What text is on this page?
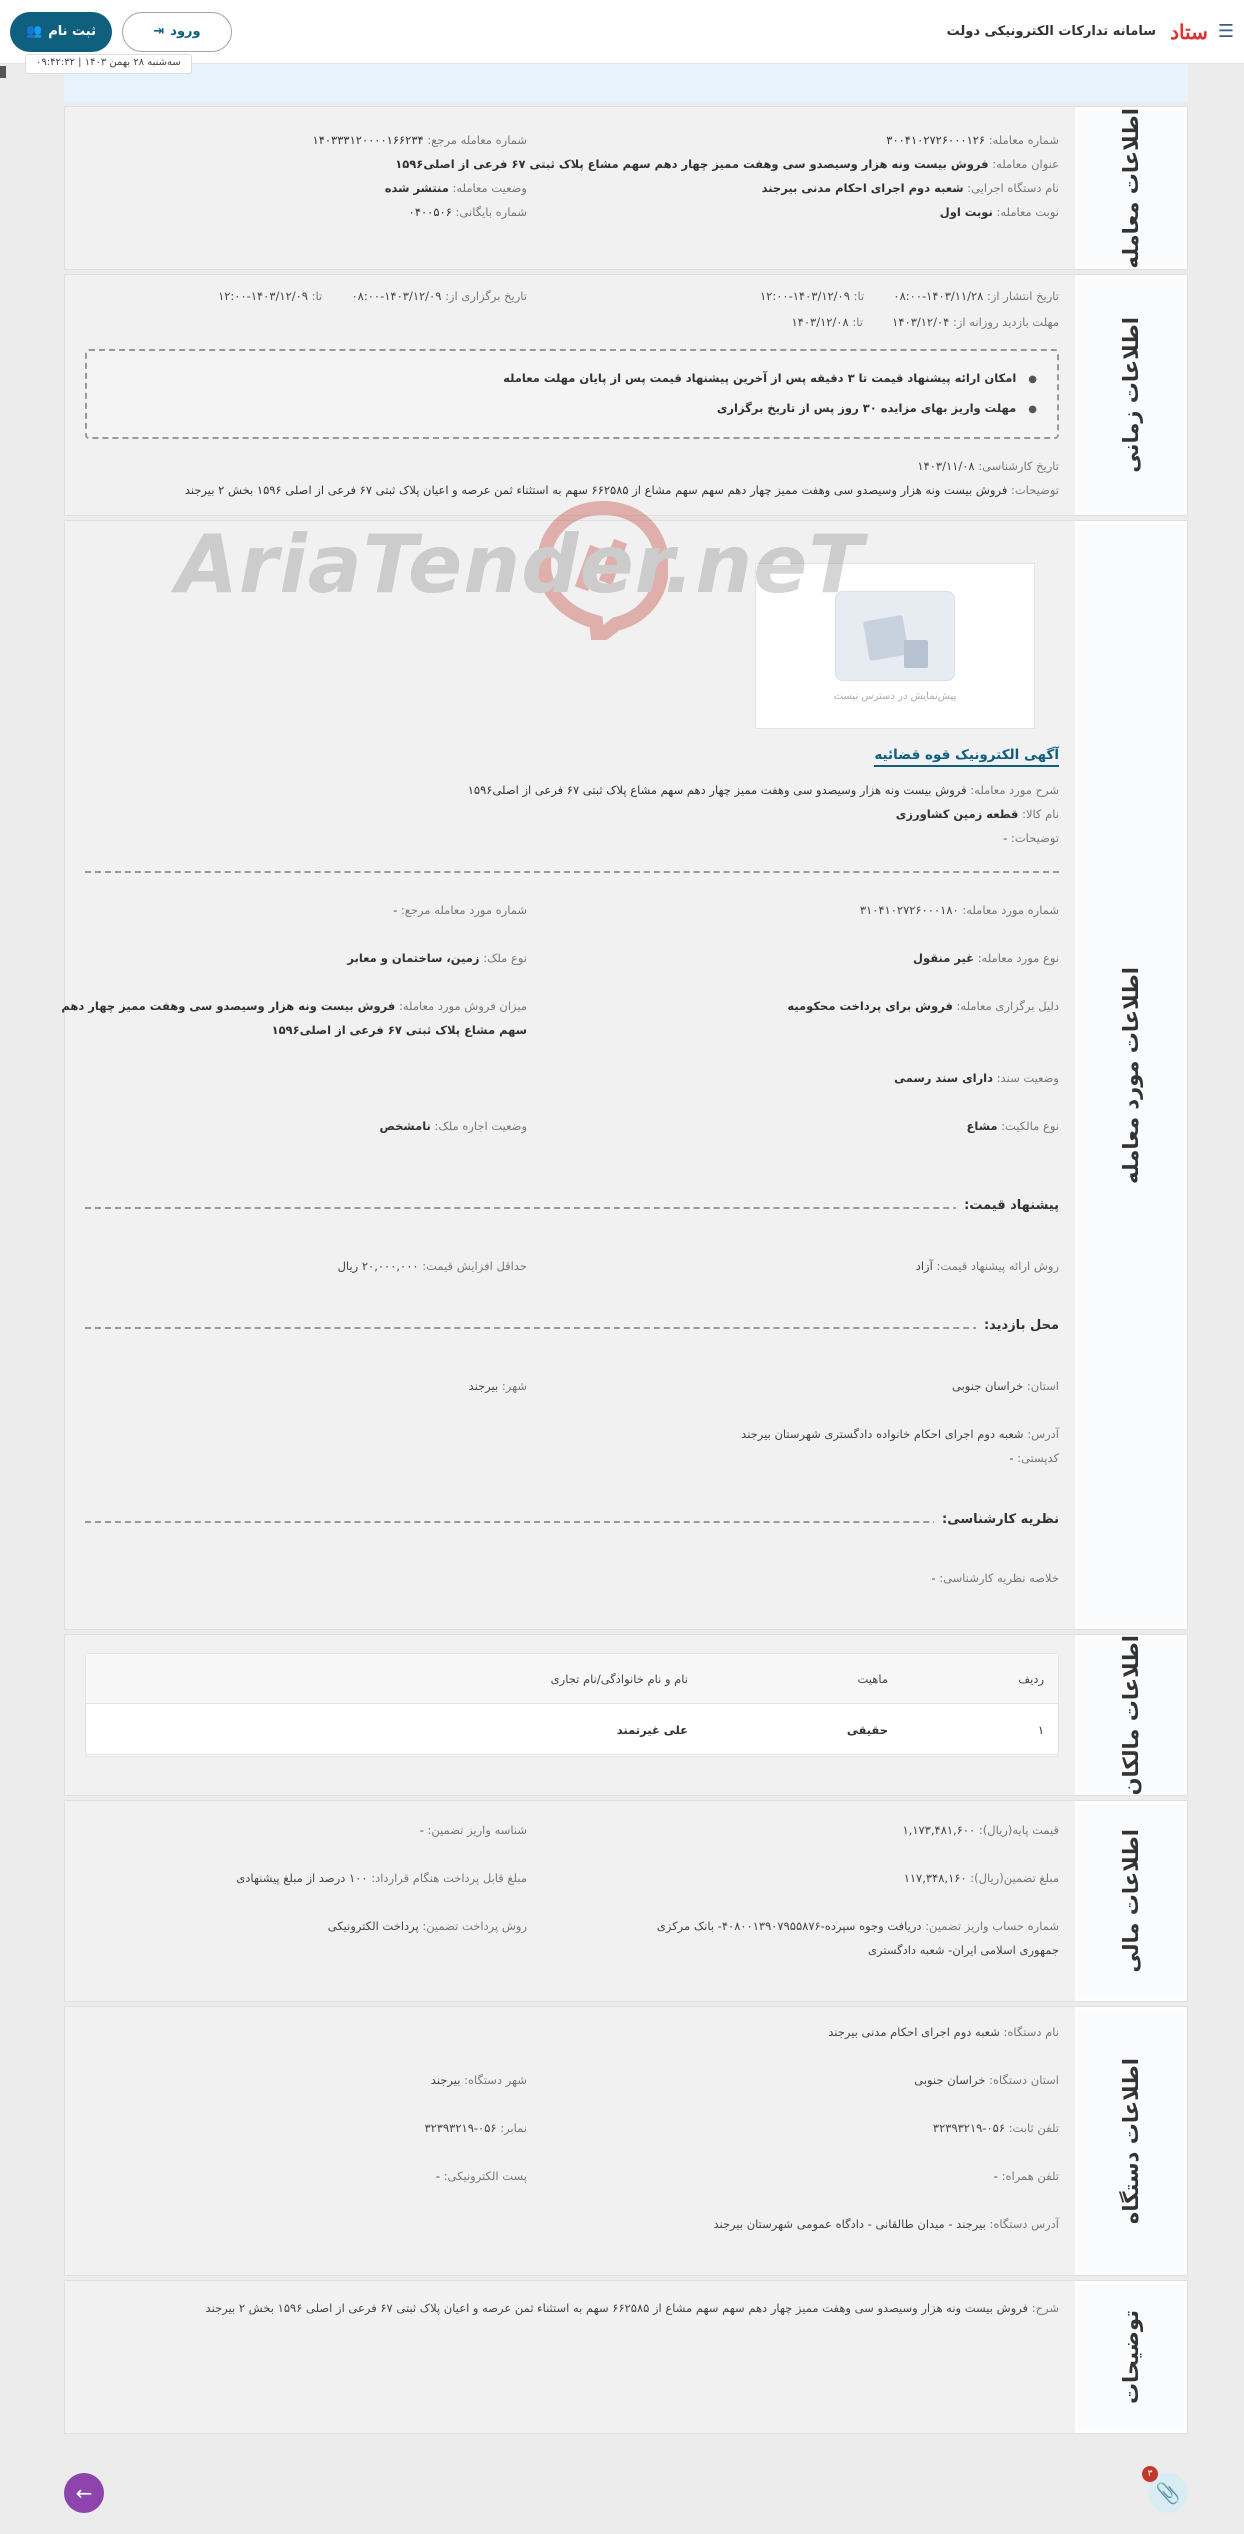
☰
ستاد
سامانه تدارکات الکترونیکی دولت
👥 ثبت نام	⇥ ورود
سه‌شنبه ۲۸ بهمن ۱۴۰۳ | ۰۹:۴۲:۳۲
اطلاعات معامله
شماره معامله: ۳۰۰۴۱۰۲۷۲۶۰۰۰۱۲۶
شماره معامله مرجع: ۱۴۰۳۳۳۱۲۰۰۰۰۱۶۶۲۳۴
عنوان معامله: فروش بیست ونه هزار وسیصدو سی وهفت ممیز چهار دهم سهم مشاع پلاک ثبتی ۶۷ فرعی از اصلی۱۵۹۶
نام دستگاه اجرایی: شعبه دوم اجرای احکام مدنی بیرجند
وضعیت معامله: منتشر شده
نوبت معامله: نوبت اول
شماره بایگانی: ۰۴۰۰۵۰۶
اطلاعات زمانی
تاریخ انتشار از: ۱۴۰۳/۱۱/۲۸-۰۸:۰۰        تا: ۱۴۰۳/۱۲/۰۹-۱۲:۰۰
تاریخ برگزاری از: ۱۴۰۳/۱۲/۰۹-۰۸:۰۰        تا: ۱۴۰۳/۱۲/۰۹-۱۲:۰۰
مهلت بازدید روزانه از: ۱۴۰۳/۱۲/۰۴        تا: ۱۴۰۳/۱۲/۰۸
● امکان ارائه پیشنهاد قیمت تا ۳ دقیقه پس از آخرین پیشنهاد قیمت پس از پایان مهلت معامله
● مهلت واریز بهای مزایده ۳۰ روز پس از تاریخ برگزاری
تاریخ کارشناسی: ۱۴۰۳/۱۱/۰۸
توضیحات: فروش بیست ونه هزار وسیصدو سی وهفت ممیز چهار دهم سهم سهم مشاع از ۶۶۲۵۸۵ سهم به استثناء ثمن عرصه و اعیان پلاک ثبتی ۶۷ فرعی از اصلی ۱۵۹۶ بخش ۲ بیرجند
اطلاعات مورد معامله
پیش‌نمایش در دسترس نیست
آگهی الکترونیک قوه قضائیه
شرح مورد معامله: فروش بیست ونه هزار وسیصدو سی وهفت ممیز چهار دهم سهم مشاع پلاک ثبتی ۶۷ فرعی از اصلی۱۵۹۶
نام کالا: قطعه زمین کشاورزی
توضیحات: -
شماره مورد معامله: ۳۱۰۴۱۰۲۷۲۶۰۰۰۱۸۰
شماره مورد معامله مرجع: -
نوع مورد معامله: غیر منقول
نوع ملک: زمین، ساختمان و معابر
دلیل برگزاری معامله: فروش برای پرداخت محکومیه
میزان فروش مورد معامله: فروش بیست ونه هزار وسیصدو سی وهفت ممیز چهار دهم
سهم مشاع پلاک ثبتی ۶۷ فرعی از اصلی۱۵۹۶
وضعیت سند: دارای سند رسمی
نوع مالکیت: مشاع
وضعیت اجاره ملک: نامشخص
پیشنهاد قیمت:
روش ارائه پیشنهاد قیمت: آزاد
حداقل افزایش قیمت: ۲۰,۰۰۰,۰۰۰ ریال
محل بازدید:
استان: خراسان جنوبی
شهر: بیرجند
آدرس: شعبه دوم اجرای احکام خانواده دادگستری شهرستان بیرجند
کدپستی: -
نظریه کارشناسی:
خلاصه نظریه کارشناسی: -
اطلاعات مالکان
ردیف
ماهیت
نام و نام خانوادگی/نام تجاری
۱
حقیقی
علی غیرتمند
اطلاعات مالی
قیمت پایه(ریال): ۱,۱۷۳,۴۸۱,۶۰۰
شناسه واریز تضمین: -
مبلغ تضمین(ریال): ۱۱۷,۳۴۸,۱۶۰
مبلغ قابل پرداخت هنگام قرارداد: ۱۰۰ درصد از مبلغ پیشنهادی
شماره حساب واریز تضمین: دریافت وجوه سپرده-۴۰۸۰۰۱۳۹۰۷۹۵۵۸۷۶- بانک مرکزی
جمهوری اسلامی ایران- شعبه دادگستری
روش پرداخت تضمین: پرداخت الکترونیکی
اطلاعات دستگاه
نام دستگاه: شعبه دوم اجرای احکام مدنی بیرجند
استان دستگاه: خراسان جنوبی
شهر دستگاه: بیرجند
تلفن ثابت: ۰۵۶-۳۲۳۹۳۲۱۹
نمابر: ۰۵۶-۳۲۳۹۳۲۱۹
تلفن همراه: -
پست الکترونیکی: -
آدرس دستگاه: بیرجند - میدان طالقانی - دادگاه عمومی شهرستان بیرجند
توضیحات
شرح: فروش بیست ونه هزار وسیصدو سی وهفت ممیز چهار دهم سهم سهم مشاع از ۶۶۲۵۸۵ سهم به استثناء ثمن عرصه و اعیان پلاک ثبتی ۶۷ فرعی از اصلی ۱۵۹۶ بخش ۲ بیرجند
AriaTender.neT
←	📎
۳
